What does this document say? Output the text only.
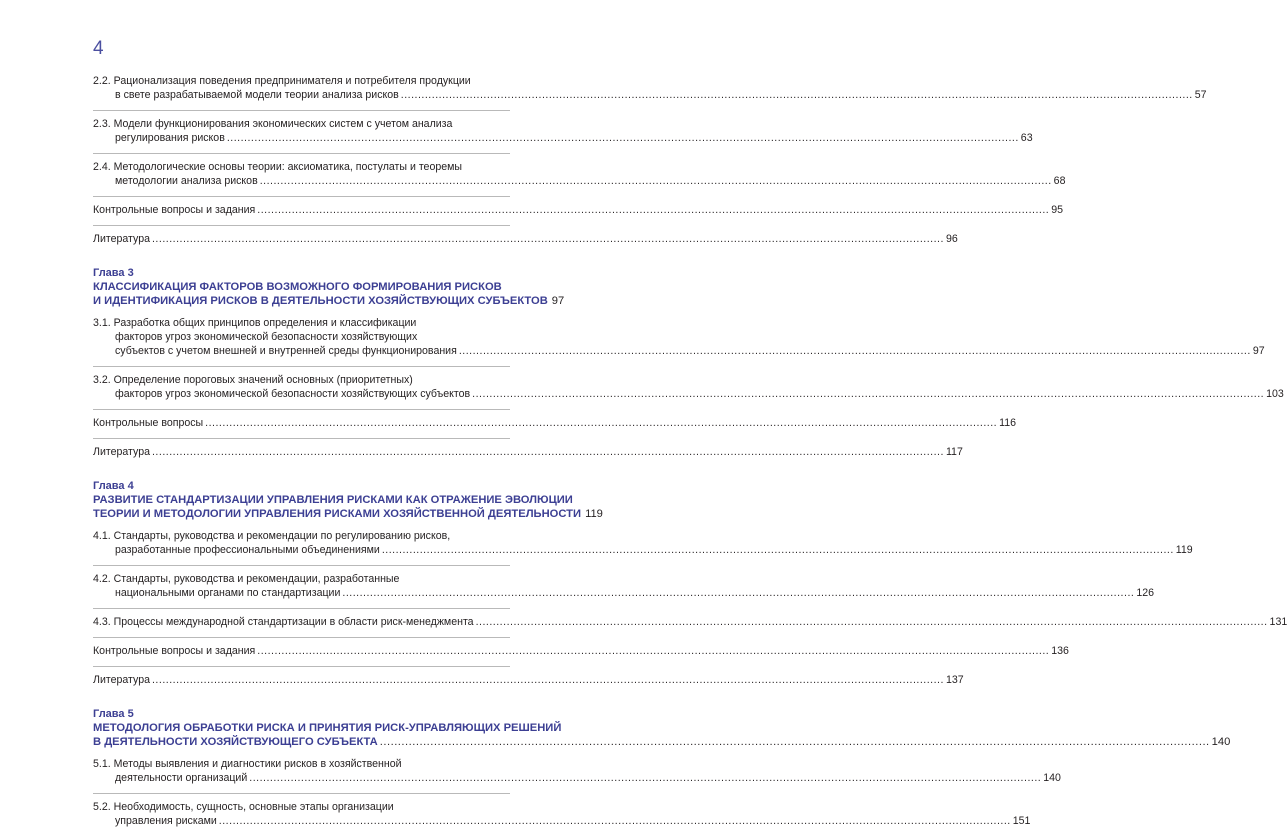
4
2.2. Рационализация поведения предпринимателя и потребителя продукции
в свете разрабатываемой модели теории анализа рисков .....	57
2.3. Модели функционирования экономических систем с учетом анализа
регулирования рисков .....	63
2.4. Методологические основы теории: аксиоматика, постулаты и теоремы
методологии анализа рисков .....	68
Контрольные вопросы и задания .....	95
Литература .....	96
Глава 3
КЛАССИФИКАЦИЯ ФАКТОРОВ ВОЗМОЖНОГО ФОРМИРОВАНИЯ РИСКОВ
И ИДЕНТИФИКАЦИЯ РИСКОВ В ДЕЯТЕЛЬНОСТИ ХОЗЯЙСТВУЮЩИХ СУБЪЕКТОВ 97
3.1. Разработка общих принципов определения и классификации
факторов угроз экономической безопасности хозяйствующих
субъектов с учетом внешней и внутренней среды функционирования .....	97
3.2. Определение пороговых значений основных (приоритетных)
факторов угроз экономической безопасности хозяйствующих субъектов .....	103
Контрольные вопросы .....	116
Литература .....	117
Глава 4
РАЗВИТИЕ СТАНДАРТИЗАЦИИ УПРАВЛЕНИЯ РИСКАМИ КАК ОТРАЖЕНИЕ ЭВОЛЮЦИИ
ТЕОРИИ И МЕТОДОЛОГИИ УПРАВЛЕНИЯ РИСКАМИ ХОЗЯЙСТВЕННОЙ ДЕЯТЕЛЬНОСТИ 119
4.1. Стандарты, руководства и рекомендации по регулированию рисков,
разработанные профессиональными объединениями .....	119
4.2. Стандарты, руководства и рекомендации, разработанные
национальными органами по стандартизации .....	126
4.3. Процессы международной стандартизации в области риск-менеджмента .....	131
Контрольные вопросы и задания .....	136
Литература .....	137
Глава 5
МЕТОДОЛОГИЯ ОБРАБОТКИ РИСКА И ПРИНЯТИЯ РИСК-УПРАВЛЯЮЩИХ РЕШЕНИЙ
В ДЕЯТЕЛЬНОСТИ ХОЗЯЙСТВУЮЩЕГО СУБЪЕКТА .....	140
5.1. Методы выявления и диагностики рисков в хозяйственной
деятельности организаций .....	140
5.2. Необходимость, сущность, основные этапы организации
управления рисками .....	151
